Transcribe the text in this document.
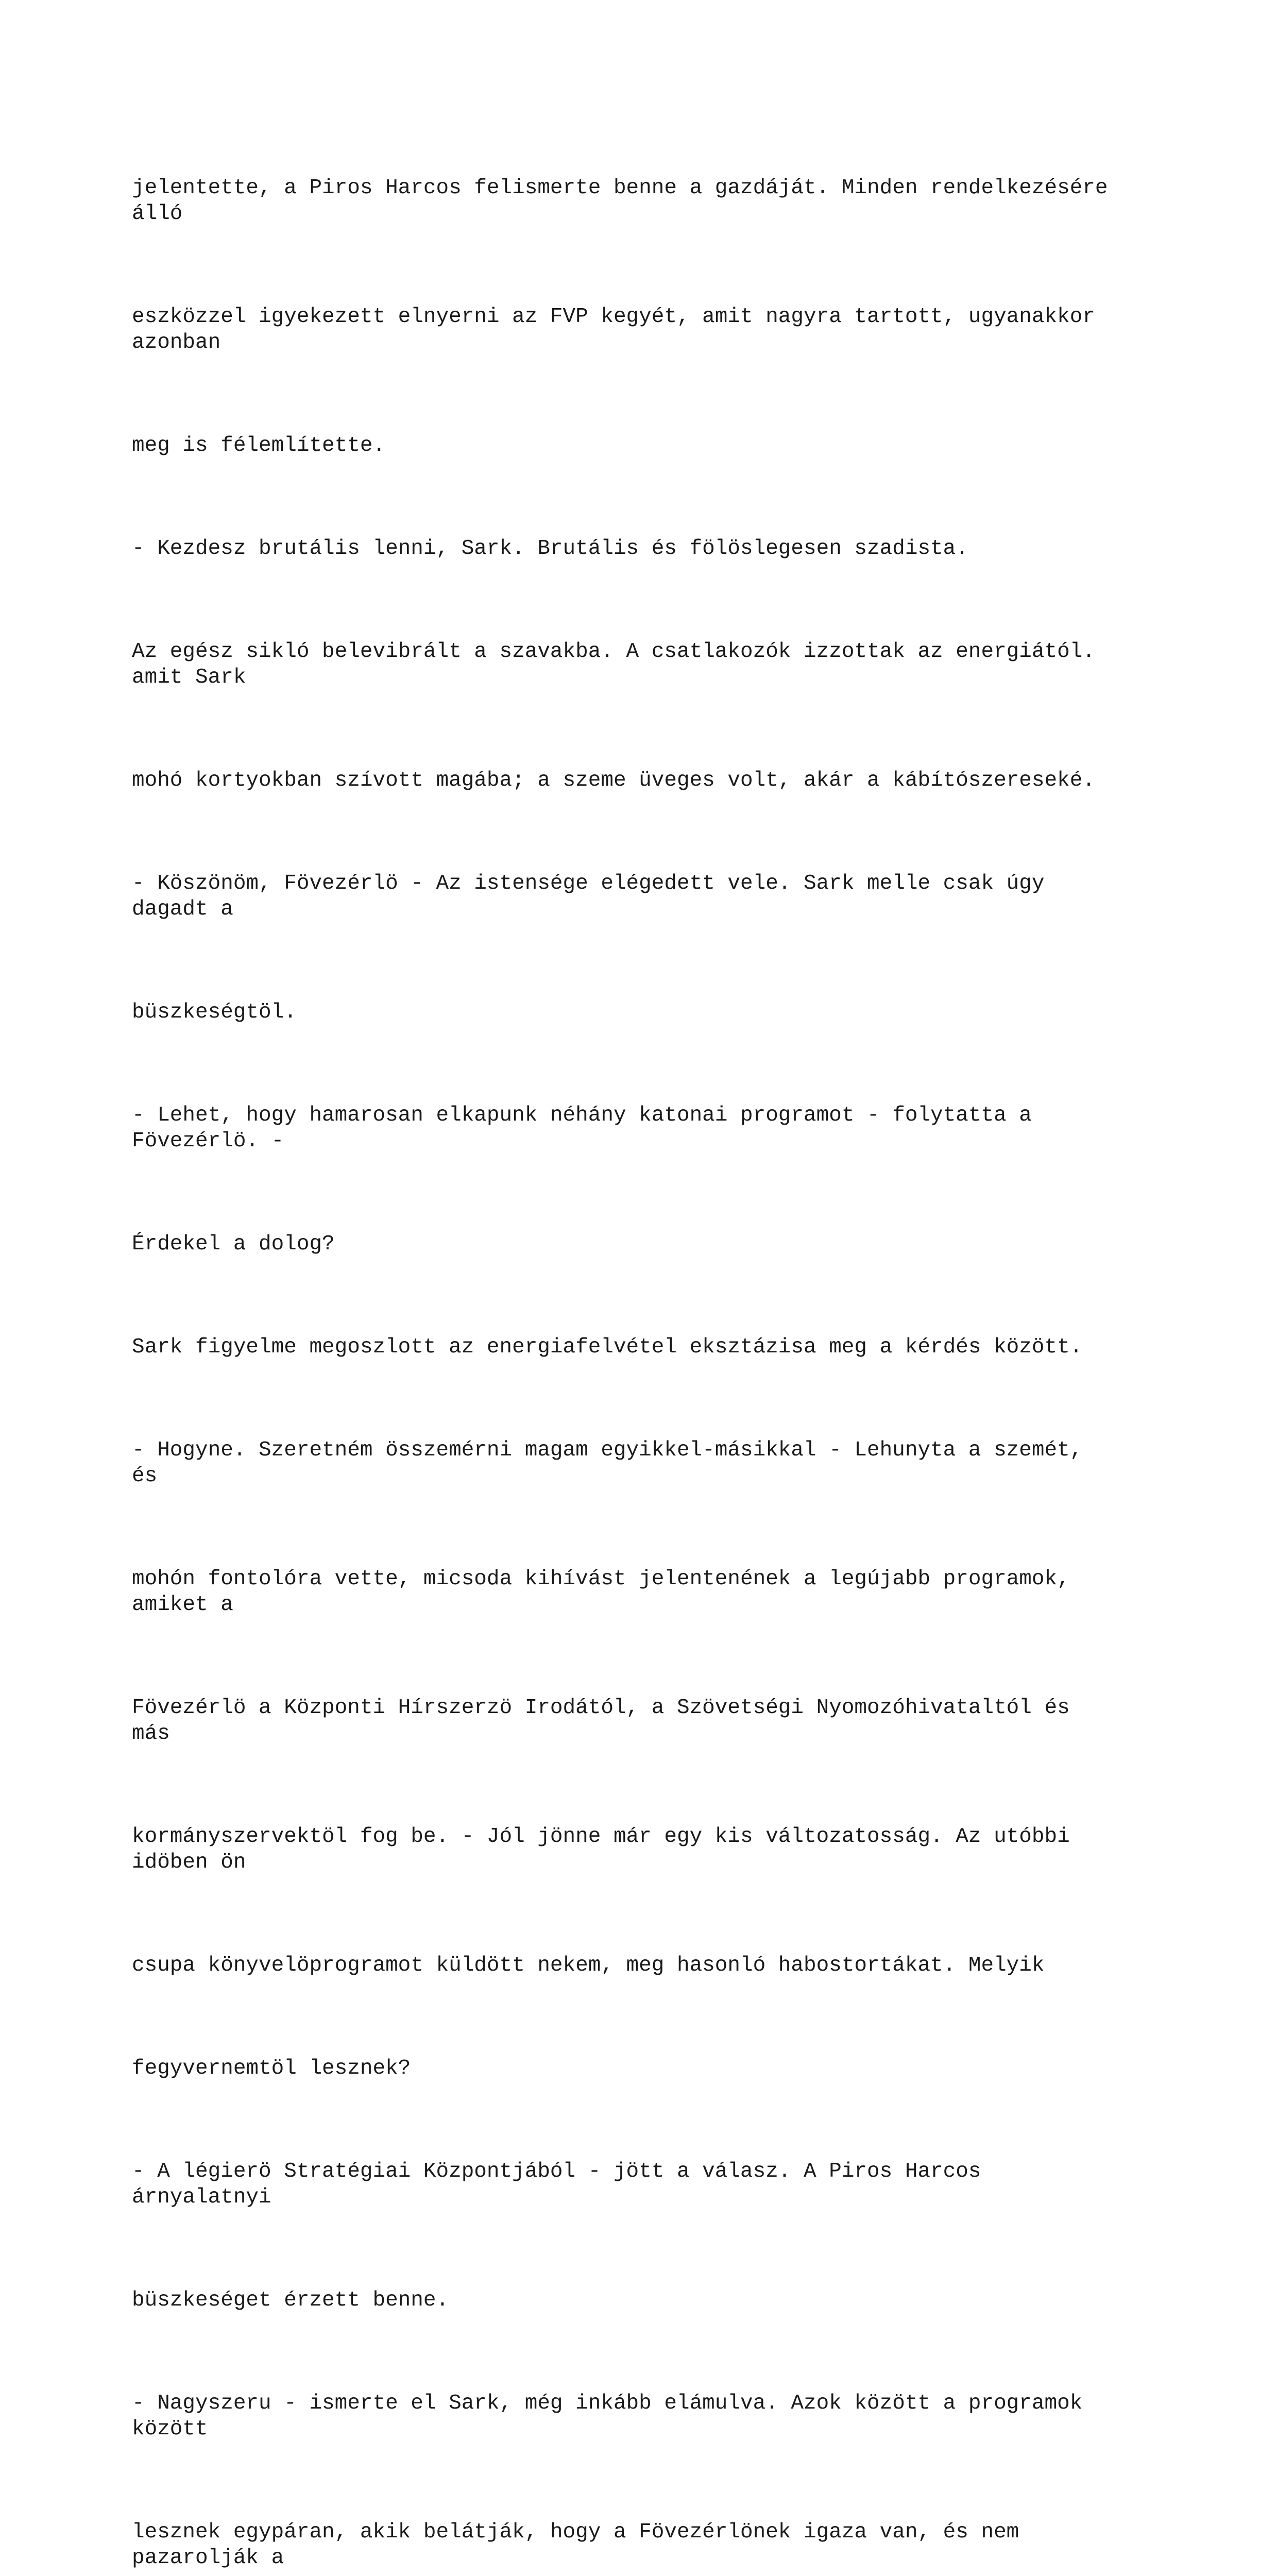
jelentette, a Piros Harcos felismerte benne a gazdáját. Minden rendelkezésére
álló

eszközzel igyekezett elnyerni az FVP kegyét, amit nagyra tartott, ugyanakkor
azonban

meg is félemlítette.

- Kezdesz brutális lenni, Sark. Brutális és fölöslegesen szadista.

Az egész sikló belevibrált a szavakba. A csatlakozók izzottak az energiától.
amit Sark

mohó kortyokban szívott magába; a szeme üveges volt, akár a kábítószereseké.

- Köszönöm, Fövezérlö - Az istensége elégedett vele. Sark melle csak úgy
dagadt a

büszkeségtöl.

- Lehet, hogy hamarosan elkapunk néhány katonai programot - folytatta a
Fövezérlö. -

Érdekel a dolog?

Sark figyelme megoszlott az energiafelvétel eksztázisa meg a kérdés között.

- Hogyne. Szeretném összemérni magam egyikkel-másikkal - Lehunyta a szemét,
és

mohón fontolóra vette, micsoda kihívást jelentenének a legújabb programok,
amiket a

Fövezérlö a Központi Hírszerzö Irodától, a Szövetségi Nyomozóhivataltól és
más

kormányszervektöl fog be. - Jól jönne már egy kis változatosság. Az utóbbi
idöben ön

csupa könyvelöprogramot küldött nekem, meg hasonló habostortákat. Melyik

fegyvernemtöl lesznek?

- A légierö Stratégiai Központjából - jött a válasz. A Piros Harcos
árnyalatnyi

büszkeséget érzett benne.

- Nagyszeru - ismerte el Sark, még inkább elámulva. Azok között a programok
között

lesznek egypáran, akik belátják, hogy a Fövezérlönek igaza van, és nem
pazarolják a
